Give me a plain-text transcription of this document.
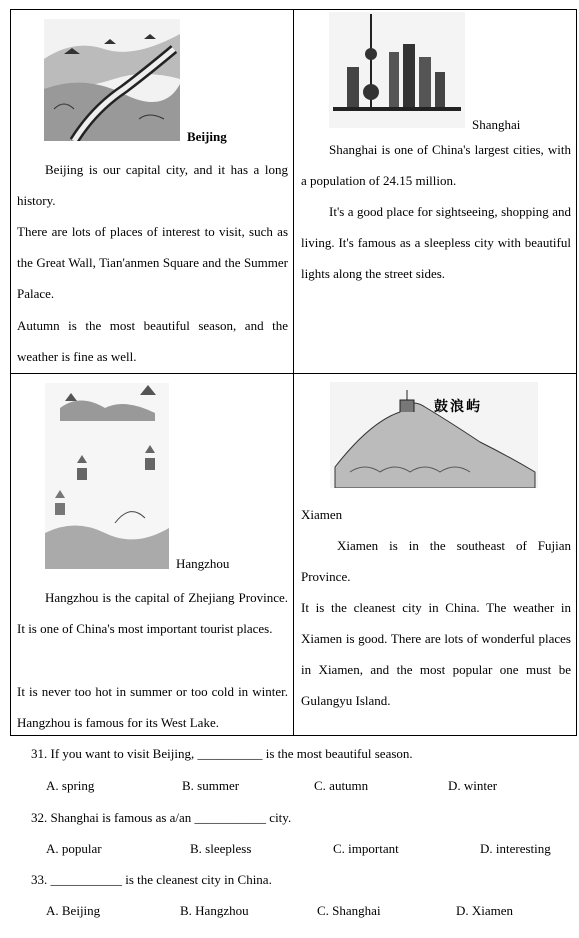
Beijing
Beijing is our capital city, and it has a long history.
There are lots of places of interest to visit, such as the Great Wall, Tian'anmen Square and the Summer Palace.
Autumn is the most beautiful season, and the weather is fine as well.
Shanghai
Shanghai is one of China's largest cities, with a population of 24.15 million.
It's a good place for sightseeing, shopping and living. It's famous as a sleepless city with beautiful lights along the street sides.
Hangzhou
Hangzhou is the capital of Zhejiang Province. It is one of China's most important tourist places.
It is never too hot in summer or too cold in winter. Hangzhou is famous for its West Lake.
鼓浪屿
Xiamen
Xiamen is in the southeast of Fujian Province.
It is the cleanest city in China. The weather in Xiamen is good. There are lots of wonderful places in Xiamen, and the most popular one must be Gulangyu Island.
31. If you want to visit Beijing, __________ is the most beautiful season.
A. spring	B. summer	C. autumn	D. winter
32. Shanghai is famous as a/an ___________ city.
A. popular	B. sleepless	C. important	D. interesting
33. ___________ is the cleanest city in China.
A. Beijing	B. Hangzhou	C. Shanghai	D. Xiamen
